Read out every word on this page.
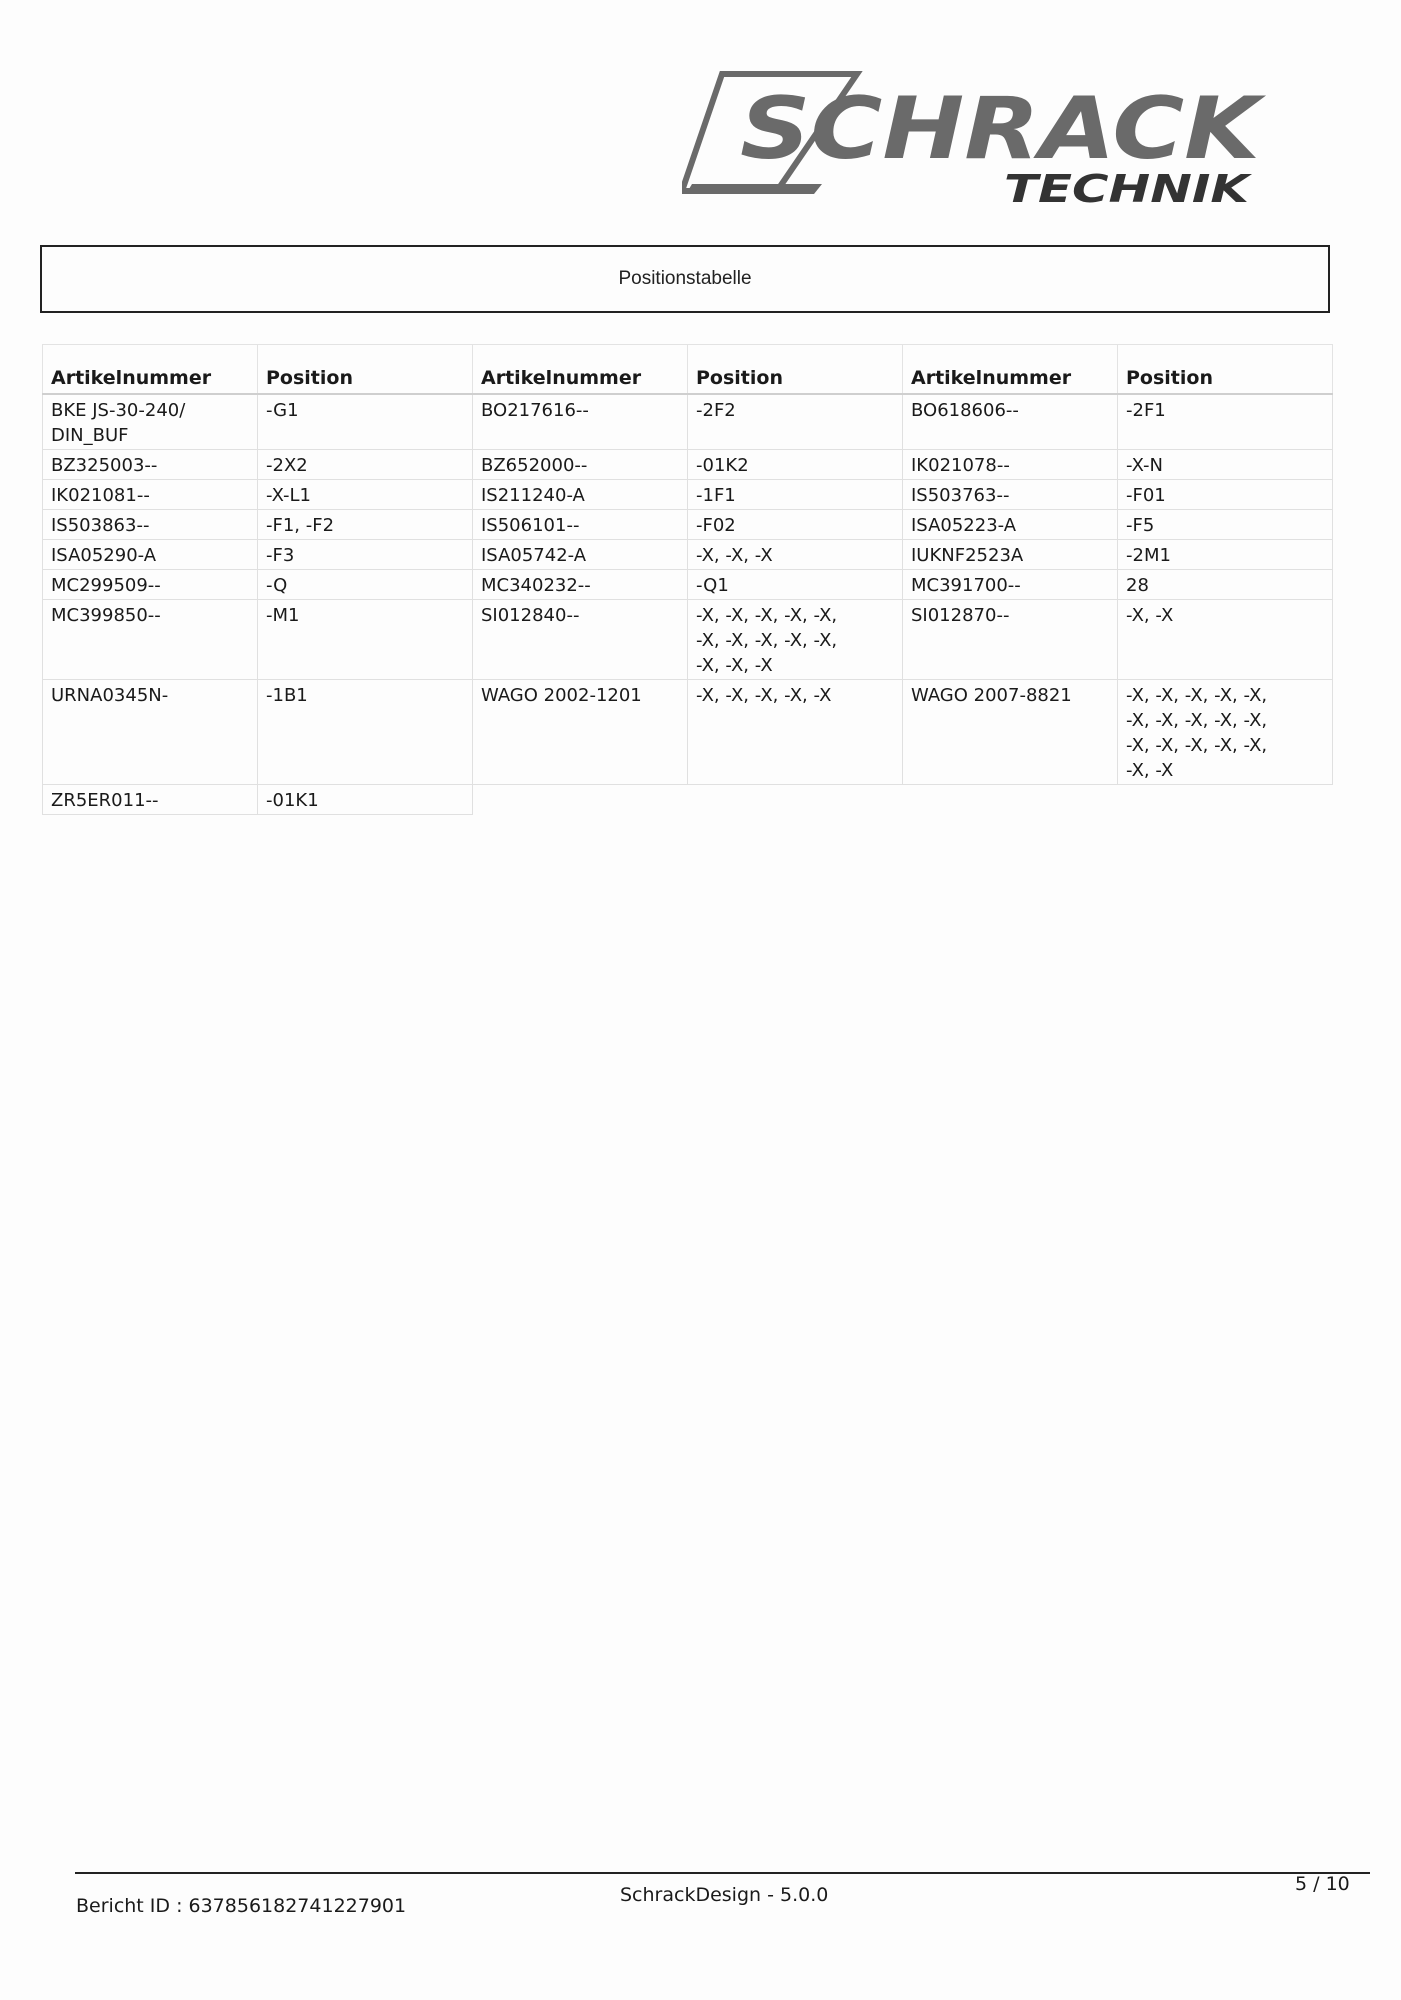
SCHRACK
TECHNIK
Positionstabelle
Artikelnummer	Position	Artikelnummer	Position	Artikelnummer	Position
BKE JS-30-240/
DIN_BUF	-G1	BO217616--	-2F2	BO618606--	-2F1
BZ325003--	-2X2	BZ652000--	-01K2	IK021078--	-X-N
IK021081--	-X-L1	IS211240-A	-1F1	IS503763--	-F01
IS503863--	-F1, -F2	IS506101--	-F02	ISA05223-A	-F5
ISA05290-A	-F3	ISA05742-A	-X, -X, -X	IUKNF2523A	-2M1
MC299509--	-Q	MC340232--	-Q1	MC391700--	28
MC399850--	-M1	SI012840--	-X, -X, -X, -X, -X,
-X, -X, -X, -X, -X,
-X, -X, -X	SI012870--	-X, -X
URNA0345N-	-1B1	WAGO 2002-1201	-X, -X, -X, -X, -X	WAGO 2007-8821	-X, -X, -X, -X, -X,
-X, -X, -X, -X, -X,
-X, -X, -X, -X, -X,
-X, -X
ZR5ER011--	-01K1				
Bericht ID : 637856182741227901	SchrackDesign - 5.0.0	5 / 10
